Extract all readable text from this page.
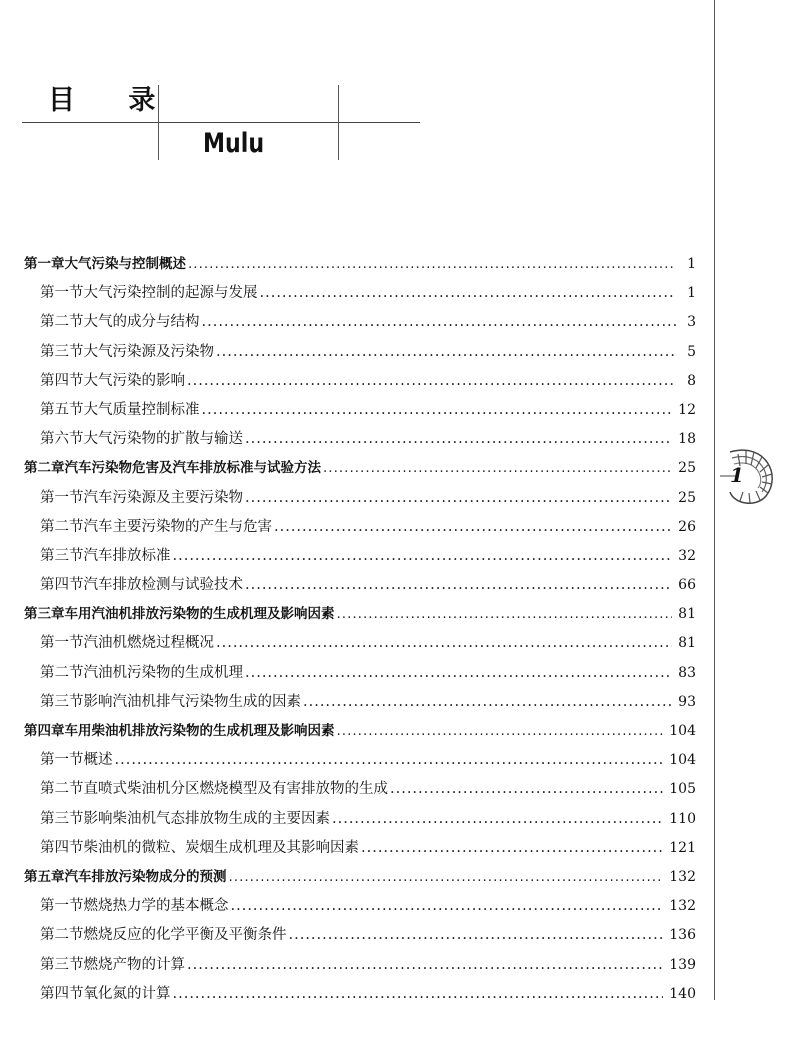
目 录
Mulu
1
第一章 大气污染与控制概述 .....	1
第一节 大气污染控制的起源与发展 .....	1
第二节 大气的成分与结构 .....	3
第三节 大气污染源及污染物 .....	5
第四节 大气污染的影响 .....	8
第五节 大气质量控制标准 .....	12
第六节 大气污染物的扩散与输送 .....	18
第二章 汽车污染物危害及汽车排放标准与试验方法 .....	25
第一节 汽车污染源及主要污染物 .....	25
第二节 汽车主要污染物的产生与危害 .....	26
第三节 汽车排放标准 .....	32
第四节 汽车排放检测与试验技术 .....	66
第三章 车用汽油机排放污染物的生成机理及影响因素 .....	81
第一节 汽油机燃烧过程概况 .....	81
第二节 汽油机污染物的生成机理 .....	83
第三节 影响汽油机排气污染物生成的因素 .....	93
第四章 车用柴油机排放污染物的生成机理及影响因素 .....	104
第一节 概述 .....	104
第二节 直喷式柴油机分区燃烧模型及有害排放物的生成 .....	105
第三节 影响柴油机气态排放物生成的主要因素 .....	110
第四节 柴油机的微粒、炭烟生成机理及其影响因素 .....	121
第五章 汽车排放污染物成分的预测 .....	132
第一节 燃烧热力学的基本概念 .....	132
第二节 燃烧反应的化学平衡及平衡条件 .....	136
第三节 燃烧产物的计算 .....	139
第四节 氧化氮的计算 .....	140
